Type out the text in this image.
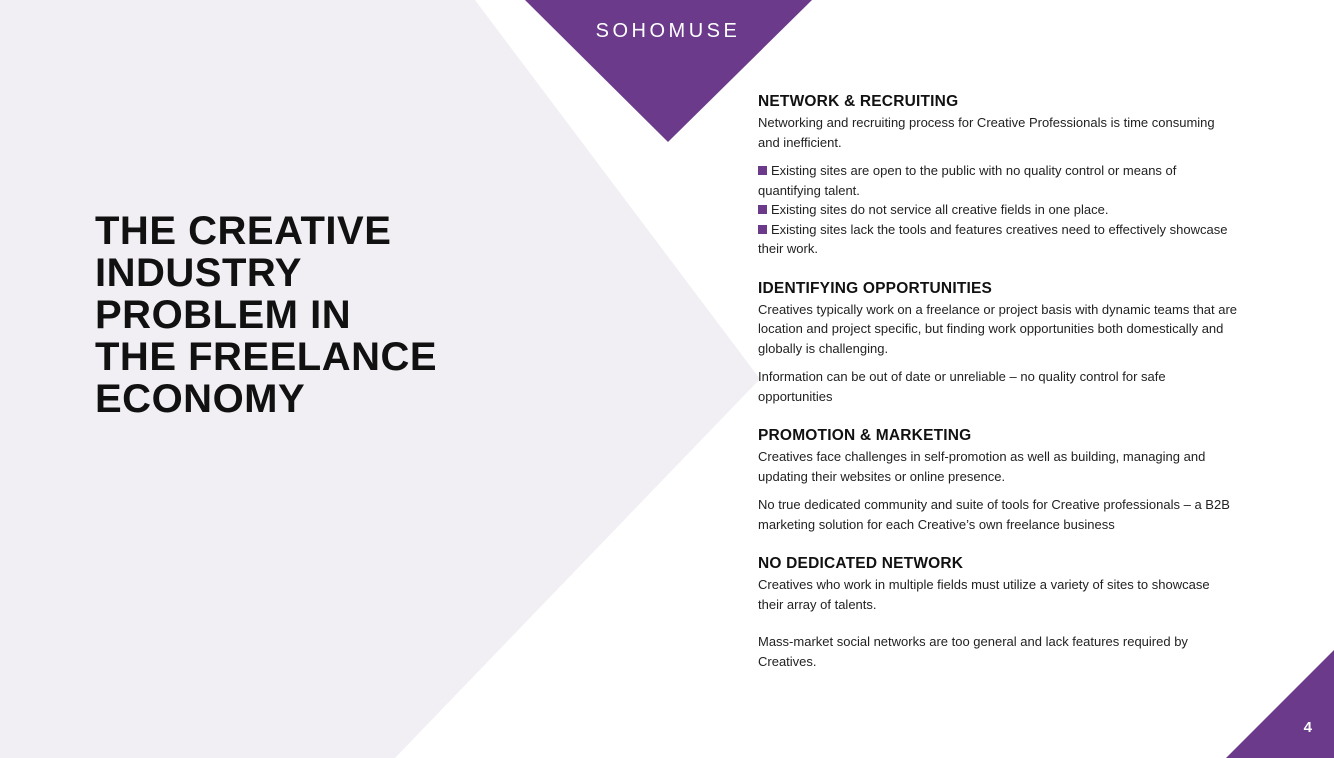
SOHOMUSE
THE CREATIVE
INDUSTRY
PROBLEM IN
THE FREELANCE
ECONOMY
NETWORK & RECRUITING

Networking and recruiting process for Creative Professionals is time consuming and inefficient.

Existing sites are open to the public with no quality control or means of quantifying talent.
Existing sites do not service all creative fields in one place.
Existing sites lack the tools and features creatives need to effectively showcase their work.
IDENTIFYING OPPORTUNITIES

Creatives typically work on a freelance or project basis with dynamic teams that are location and project specific, but finding work opportunities both domestically and globally is challenging.

Information can be out of date or unreliable – no quality control for safe opportunities

PROMOTION & MARKETING

Creatives face challenges in self-promotion as well as building, managing and updating their websites or online presence.

No true dedicated community and suite of tools for Creative professionals – a B2B marketing solution for each Creative’s own freelance business

NO DEDICATED NETWORK

Creatives who work in multiple fields must utilize a variety of sites to showcase their array of talents.

Mass-market social networks are too general and lack features required by Creatives.

4
